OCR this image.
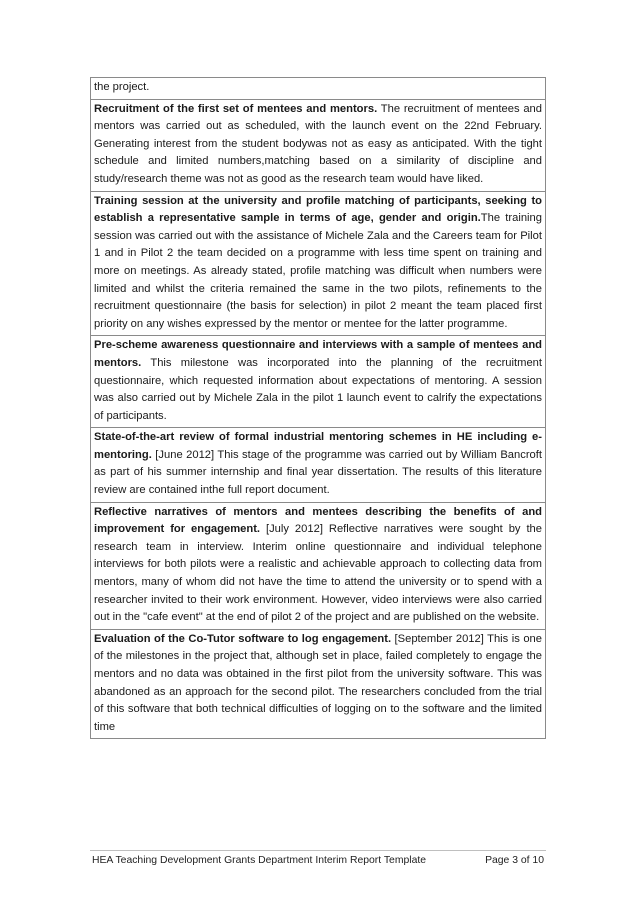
the project.
Recruitment of the first set of mentees and mentors. The recruitment of mentees and mentors was carried out as scheduled, with the launch event on the 22nd February. Generating interest from the student bodywas not as easy as anticipated. With the tight schedule and limited numbers,matching based on a similarity of discipline and study/research theme was not as good as the research team would have liked.
Training session at the university and profile matching of participants, seeking to establish a representative sample in terms of age, gender and origin.The training session was carried out with the assistance of Michele Zala and the Careers team for Pilot 1 and in Pilot 2 the team decided on a programme with less time spent on training and more on meetings. As already stated, profile matching was difficult when numbers were limited and whilst the criteria remained the same in the two pilots, refinements to the recruitment questionnaire (the basis for selection) in pilot 2 meant the team placed first priority on any wishes expressed by the mentor or mentee for the latter programme.
Pre-scheme awareness questionnaire and interviews with a sample of mentees and mentors. This milestone was incorporated into the planning of the recruitment questionnaire, which requested information about expectations of mentoring. A session was also carried out by Michele Zala in the pilot 1 launch event to calrify the expectations of participants.
State-of-the-art review of formal industrial mentoring schemes in HE including e-mentoring. [June 2012] This stage of the programme was carried out by William Bancroft as part of his summer internship and final year dissertation. The results of this literature review are contained inthe full report document.
Reflective narratives of mentors and mentees describing the benefits of and improvement for engagement. [July 2012] Reflective narratives were sought by the research team in interview. Interim online questionnaire and individual telephone interviews for both pilots were a realistic and achievable approach to collecting data from mentors, many of whom did not have the time to attend the university or to spend with a researcher invited to their work environment. However, video interviews were also carried out in the "cafe event" at the end of pilot 2 of the project and are published on the website.
Evaluation of the Co-Tutor software to log engagement. [September 2012] This is one of the milestones in the project that, although set in place, failed completely to engage the mentors and no data was obtained in the first pilot from the university software. This was abandoned as an approach for the second pilot. The researchers concluded from the trial of this software that both technical difficulties of logging on to the software and the limited time
HEA Teaching Development Grants Department Interim Report Template	Page 3 of 10
